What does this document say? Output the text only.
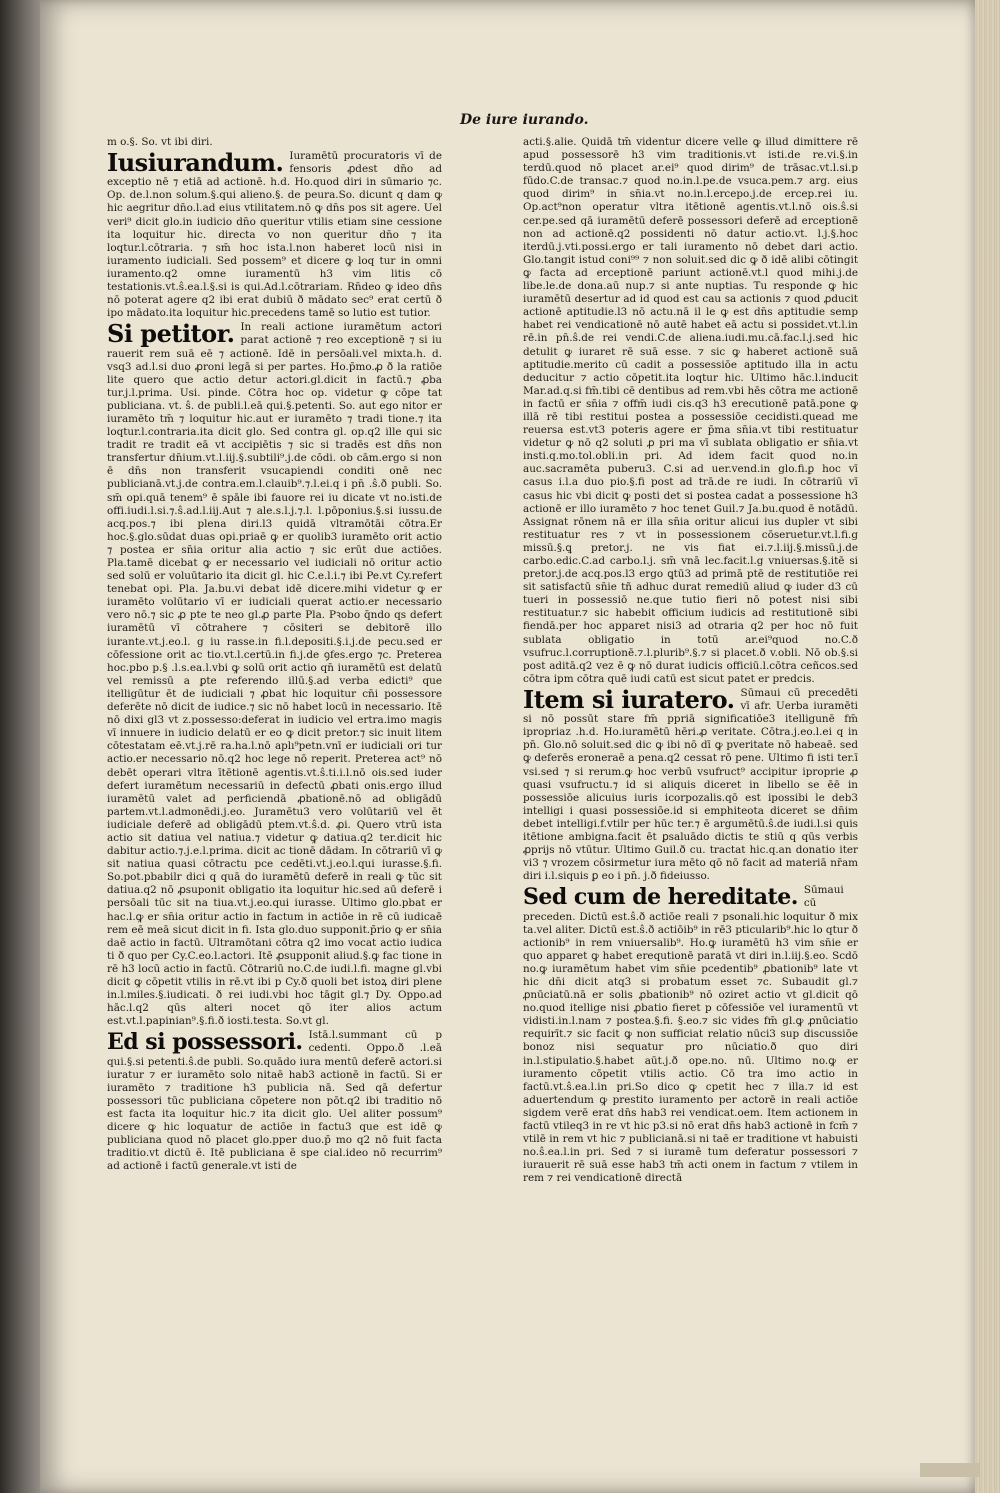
De iure iurando.
m o.§. So. vt ibi diri.
Iusiurandum. Iuramētū procuratoris vī de fensoris ꝓdest dn̄o ad exceptio nē ⁊ etiā ad actionē. h.d. Ho.quod diri in sūmario ⁊c. Op. de.l.non solum.§.qui alieno.§. de peura.So. dicunt q dam ꝙ hic aegritur dn̄o.l.ad eius vtilitatem.nō ꝙ dn̄s pos sit agere. Uel veri⁹ dicit glo.in iudicio dn̄o queritur vtilis etiam sine cessione ita loquitur hic. directa vo non queritur dn̄o ⁊ ita loqtur.l.cōtraria. ⁊ sm̄ hoc ista.l.non haberet locū nisi in iuramento iudiciali. Sed possem⁹ et dicere ꝙ loq tur in omni iuramento.q2 omne iuramentū h3 vim litis cō testationis.vt.ŝ.ea.l.§.si is qui.Ad.l.cōtrariam. Rn̄deo ꝙ ideo dn̄s nō poterat agere q2 ibi erat dubiū ð mādato sec⁹ erat certū ð ipo mādato.ita loquitur hic.precedens tamē so lutio est tutior.
Si petitor. In reali actione iuramētum actori parat actionē ⁊ reo exceptionē ⁊ si iu rauerit rem suā eē ⁊ actionē. Idē in persōali.vel mixta.h. d. vsq3 ad.l.si duo ꝓroni legā si per partes. Ho.p̄mo.ꝓ ð la ratiōe lite quero que actio detur actori.gl.dicit in factū.⁊ ꝓba tur.j.l.prima. Usi. pinde. Cōtra hoc op. videtur ꝙ cōpe tat publiciana. vt. ŝ. de publi.l.eā qui.§.petenti. So. aut ego nitor er iuramēto tm̄ ⁊ loquitur hic.aut er iuramēto ⁊ tradi tione.⁊ ita loqtur.l.contraria.ita dicit glo. Sed contra gl. op.q2 ille qui sic tradit re tradit eā vt accipiētis ⁊ sic si tradēs est dn̄s non transfertur dn̄ium.vt.l.iij.§.subtili⁹.j.de cōdi. ob cām.ergo si non ē dn̄s non transferit vsucapiendi conditi onē nec publicianā.vt.j.de contra.em.l.clauib⁹.⁊.l.ei.q i pn̄ .ŝ.ð publi. So. sm̄ opi.quā tenem⁹ ē spāle ibi fauore rei iu dicate vt no.isti.de offi.iudi.l.si.⁊.ŝ.ad.l.iij.Aut ⁊ ale.s.l.j.⁊.l. l.pōponius.§.si iussu.de acq.pos.⁊ ibi plena diri.l3 quidā vltramōtāi cōtra.Er hoc.§.glo.sūdat duas opi.priaē ꝙ er quolib3 iuramēto orit actio ⁊ postea er sn̄ia oritur alia actio ⁊ sic erūt due actiōes. Pla.tamē dicebat ꝙ er necessario vel iudiciali nō oritur actio sed solū er voluūtario ita dicit gl. hic C.e.l.i.⁊ ibi Pe.vt Cy.refert tenebat opi. Pla. Ja.bu.vi debat idē dicere.mihi videtur ꝙ er iuramēto volūtario vī er iudiciali querat actio.er necessario vero nō.⁊ sic ꝓ pte te neo gl.ꝓ parte Pla. Pꝛobo q̄ndo qs defert iuramētū vī cōtrahere ⁊ cōsiteri se debitorē illo iurante.vt.j.eo.l. g iu rasse.in fi.l.depositi.§.i.j.de pecu.sed er cōfessione orit ac tio.vt.l.certū.in fi.j.de ꝯfes.ergo ⁊c. Preterea hoc.pbo p.§ .l.s.ea.l.vbi ꝙ solū orit actio qn̄ iuramētū est delatū vel remissū a ꝑte referendo illū.§.ad verba edicti⁹ que itelligūtur ēt de iudiciali ⁊ ꝓbat hic loquitur cn̄i possessore deferēte nō dicit de iudice.⁊ sic nō habet locū in necessario. Itē nō dixi gl3 vt z.possesso:deferat in iudicio vel ertra.imo magis vī innuere in iudicio delatū er eo ꝙ dicit pretor.⁊ sic inuit litem cōtestatam eē.vt.j.rē ra.ha.l.nō aplı⁹petn.vnī er iudiciali ori tur actio.er necessario nō.q2 hoc lege nō reperit. Preterea act⁹ nō debēt operari vltra ītētionē agentis.vt.ŝ.ti.i.l.nō ois.sed iuder defert iuramētum necessariū in defectū ꝓbati onis.ergo illud iuramētū valet ad perficiendā ꝓbationē.nō ad obligādū partem.vt.l.admonēdi.j.eo. Juramētu3 vero volūtariū vel ēt iudiciale deferē ad obligādū ptem.vt.ŝ.d. ꝓi. Quero vtrū ista actio sit datiua vel natiua.⁊ videtur ꝙ datiua.q2 ter.dicit hic dabitur actio.⁊.j.e.l.prima. dicit ac tionē dādam. In cōtrariū vī ꝙ sit natiua quasi cōtractu pce cedēti.vt.j.eo.l.qui iurasse.§.fi. So.pot.pbabilr dici q quā do iuramētū deferē in reali ꝙ tūc sit datiua.q2 nō ꝓsuponit obligatio ita loquitur hic.sed aū deferē i persōali tūc sit na tiua.vt.j.eo.qui iurasse. Ultimo glo.pbat er hac.l.ꝙ er sn̄ia oritur actio in factum in actiōe in rē cū iudicaē rem eē meā sicut dicit in fi. Ista glo.duo supponit.p̄rio ꝙ er sn̄ia daē actio in factū. Ultramōtani cōtra q2 imo vocat actio iudica ti ð quo per Cy.C.eo.l.actori. Itē ꝓsupponit aliud.§.ꝙ fac tione in rē h3 locū actio in factū. Cōtrariū no.C.de iudi.l.fi. magne gl.vbi dicit ꝙ cōpetit vtilis in rē.vt ibi p Cy.ð quoli bet istoꝝ diri plene in.l.miles.§.iudicati. ð rei iudi.vbi hoc tāgit gl.⁊ Dy. Oppo.ad hāc.l.q2 qūs alteri nocet qō iter alios actum est.vt.l.papinian⁹.§.fi.ð iosti.testa. So.vt gl.
Ed si possessori. Istā.l.summant cū p cedenti. Oppo.ð .l.eā qui.§.si petenti.ŝ.de publi. So.quādo iura mentū deferē actori.si iuratur ⁊ er iuramēto solo nitaē hab3 actionē in factū. Si er iuramēto ⁊ traditione h3 publicia nā. Sed qā defertur possessori tūc publiciana cōpetere non pōt.q2 ibi traditio nō est facta ita loquitur hic.⁊ ita dicit glo. Uel aliter possum⁹ dicere ꝙ hic loquatur de actiōe in factu3 que est idē ꝙ publiciana quod nō placet glo.pper duo.p̄ mo q2 nō fuit facta traditio.vt dictū ē. Itē publiciana ē spe cial.ideo nō recurrim⁹ ad actionē i factū generale.vt isti de
acti.§.alie. Quidā tm̄ videntur dicere velle ꝙ illud dimittere rē apud possessorē h3 vim traditionis.vt isti.de re.vi.§.in terdū.quod nō placet ar.ei⁹ quod dirim⁹ de trāsac.vt.l.si.p fūdo.C.de transac.⁊ quod no.in.l.pe.de vsuca.pem.⁊ arg. eius quod dirim⁹ in sn̄ia.vt no.in.l.ercepo.j.de ercep.rei iu. Op.act⁹non operatur vltra itētionē agentis.vt.l.nō ois.ŝ.si cer.pe.sed qā iuramētū deferē possessori deferē ad erceptionē non ad actionē.q2 possidenti nō datur actio.vt. l.j.§.hoc iterdū.j.vti.possi.ergo er tali iuramento nō debet dari actio. Glo.tangit istud coni⁹⁹ ⁊ non soluit.sed dic ꝙ ð idē alibi cōtingit ꝙ facta ad erceptionē pariunt actionē.vt.l quod mihi.j.de libe.le.de dona.aū nup.⁊ si ante nuptias. Tu responde ꝙ hic iuramētū desertur ad id quod est cau sa actionis ⁊ quod ꝓducit actionē aptitudie.l3 nō actu.nā il le ꝙ est dn̄s aptitudie semp habet rei vendicationē nō autē habet eā actu si possidet.vt.l.in rē.in pn̄.ŝ.de rei vendi.C.de aliena.iudi.mu.cā.fac.l.j.sed hic detulit ꝙ iuraret rē suā esse. ⁊ sic ꝙ haberet actionē suā aptitudie.merito cū cadit a possessiōe aptitudo illa in actu deducitur ⁊ actio cōpetit.ita loqtur hic. Ultimo hāc.l.inducit Mar.ad.q.si fm̄.tibi cē dentibus ad rem.vbi hēs cōtra me actionē in factū er sn̄ia ⁊ offm̄ iudi cis.q3 h3 erecutionē patā.pone ꝙ illā rē tibi restitui postea a possessiōe cecidisti.quead me reuersa est.vt3 poteris agere er p̄ma sn̄ia.vt tibi restituatur videtur ꝙ nō q2 soluti ꝓ pri ma vī sublata obligatio er sn̄ia.vt insti.q.mo.tol.obli.in pri. Ad idem facit quod no.in auc.sacramēta puberu3. C.si ad uer.vend.in glo.fi.ꝑ hoc vī casus i.l.a duo pio.§.fi post ad trā.de re iudi. In cōtrariū vī casus hic vbi dicit ꝙ posti det si postea cadat a possessione h3 actionē er illo iuramēto ⁊ hoc tenet Guil.⁊ Ja.bu.quod ē notādū. Assignat rōnem nā er illa sn̄ia oritur alicui ius dupler vt sibi restituatur res ⁊ vt in possessionem cōseruetur.vt.l.fi.g missū.§.ꝗ pretor.j. ne vis fiat ei.⁊.l.iij.§.missū.j.de carbo.edic.C.ad carbo.l.j. sm̄ vnā lec.facit.l.g vniuersas.§.itē si pretor.j.de acq.pos.l3 ergo ꝗtū3 ad primā ptē de restitutiōe rei sit satisfactū sn̄ie tñ adhuc durat remediū aliud ꝙ iuder d3 cū tueri in possessiō ne.que tutio fieri nō potest nisi sibi restituatur.⁊ sic habebit officium iudicis ad restitutionē sibi fiendā.per hoc apparet nisi3 ad otraria q2 per hoc nō fuit sublata obligatio in totū ar.ei⁹quod no.C.ð vsufruc.l.corruptionē.⁊.l.plurib⁹.§.⁊ si placet.ð v.obli. Nō ob.§.si post aditā.q2 vez ē ꝙ nō durat iudicis officiū.l.cōtra ceñcos.sed cōtra ipm cōtra quē iudi catū est sicut patet er predcis.
Item si iuratero. Sūmaui cū precedēti vī afr. Uerba iuramēti si nō possūt stare fm̄ ppriā significatiōe3 itelligunē fm̄ ipropriaz .h.d. Ho.iuramētū hēri.ꝓ veritate. Cōtra.j.eo.l.ei q in pn̄. Glo.nō soluit.sed dic ꝙ ibi nō dī ꝙ pveritate nō habeaē. sed ꝙ deferēs eroneraē a pena.q2 cessat rō pene. Ultimo fi isti ter.ī vsi.sed ⁊ si rerum.ꝙ hoc verbū vsufruct⁹ accipitur iproprie ꝓ quasi vsufructu.⁊ id si aliquis diceret in libello se ēē in possessiōe alicuius iuris icorpozalis.qō est ipossibi le deb3 intelligi i quasi possessiōe.id si emphiteota diceret se dn̄im debet intelligi.f.vtilr per hūc ter.⁊ ē argumētū.ŝ.de iudi.l.si quis itētione ambigna.facit ēt ꝑsaluādo dictis te stiū q qūs verbis ꝓprijs nō vtūtur. Ultimo Guil.ð cu. tractat hic.q.an donatio iter vi3 ⁊ vrozem cōsirmetur iura mēto qō nō facit ad materiā nr̄am diri i.l.siquis ꝑ eo i pn̄. j.ð fideiusso.
Sed cum de hereditate. Sūmaui cū preceden. Dictū est.ŝ.ð actiōe reali ⁊ psonali.hic loquitur ð mix ta.vel aliter. Dictū est.ŝ.ð actiōib⁹ in rē3 pticularib⁹.hic lo qtur ð actionib⁹ in rem vniuersalib⁹. Ho.ꝙ iuramētū h3 vim sn̄ie er quo apparet ꝙ habet erequtionē paratā vt diri in.l.iij.§.eo. Scdō no.ꝙ iuramētum habet vim sn̄ie pcedentib⁹ ꝓbationib⁹ late vt hic dn̄i dicit atq3 si probatum esset ⁊c. Subaudit gl.⁊ ꝓnūciatū.nā er solis ꝓbationib⁹ nō oziret actio vt gl.dicit qō no.quod itellige nisi ꝓbatio fieret p cōfessiōe vel iuramentū vt vidisti.in.l.nam ⁊ postea.§.fi. §.eo.⁊ sic vides fm̄ gl.ꝙ ꝓnūciatio requirīt.⁊ sic facit ꝙ non sufficiat relatio nūci3 sup discussiōe bonoz nisi sequatur pro nūciatio.ð quo diri in.l.stipulatio.§.habet aūt.j.ð ope.no. nū. Ultimo no.ꝙ er iuramento cōpetit vtilis actio. Cō tra imo actio in factū.vt.ŝ.ea.l.in pri.So dico ꝙ cpetit hec ⁊ illa.⁊ id est aduertendum ꝙ prestito iuramento per actorē in reali actiōe sigdem verē erat dn̄s hab3 rei vendicat.oem. Item actionem in factū vtileq3 in re vt hic p3.si nō erat dn̄s hab3 actionē in fcm̄ ⁊ vtilē in rem vt hic ⁊ publicianā.si ni taē er traditione vt habuisti no.ŝ.ea.l.in pri. Sed ⁊ si iuramē tum deferatur possessori ⁊ iurauerit rē suā esse hab3 tm̄ acti onem in factum ⁊ vtilem in rem ⁊ rei vendicationē directā
